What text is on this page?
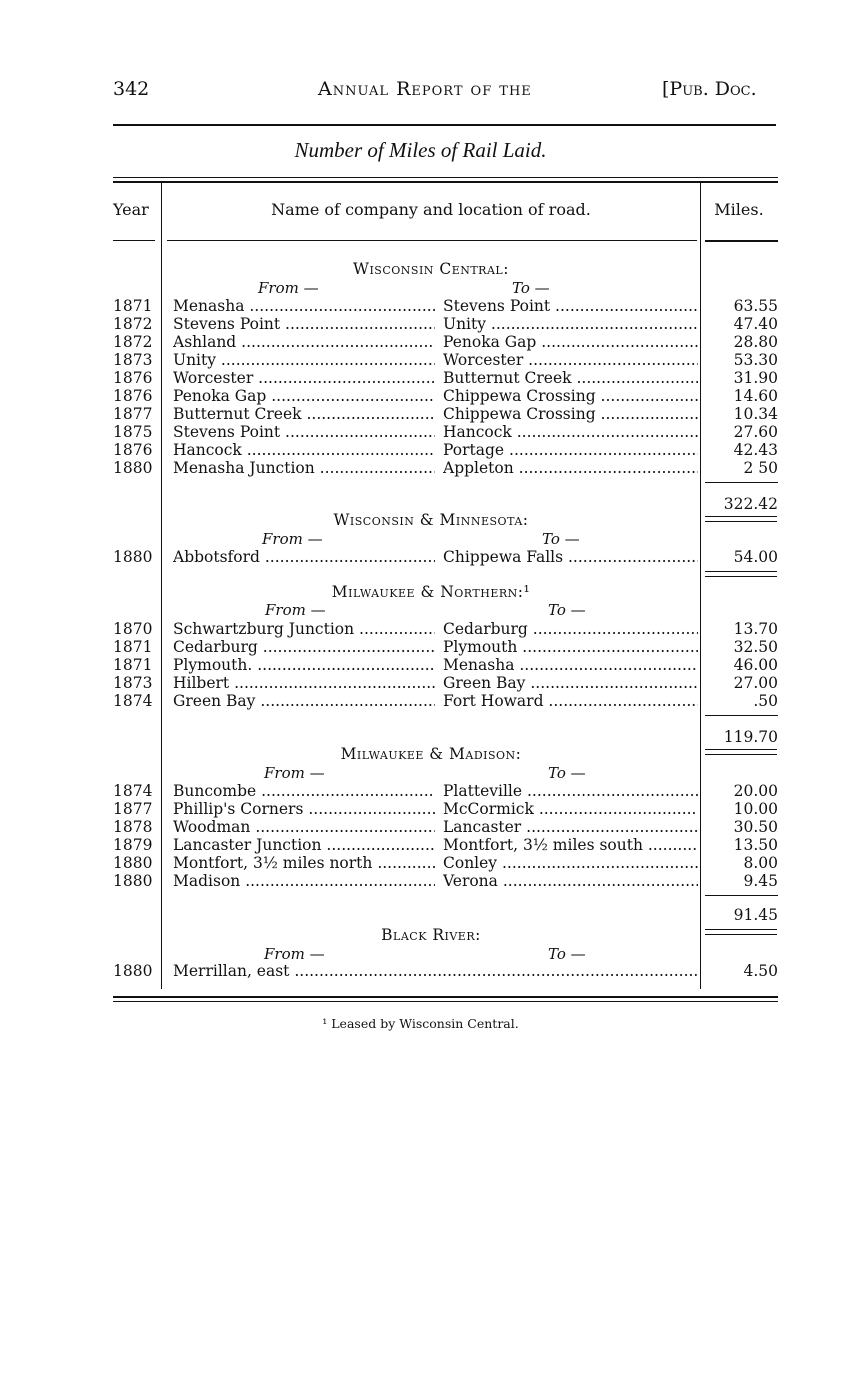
342	Annual Report of the	[Pub. Doc.
Number of Miles of Rail Laid.
Year	Name of company and location of road.	Miles.
Wisconsin Central:
From —	To —
1871 Menasha .....	Stevens Point .....	63.55
1872 Stevens Point .....	Unity .....	47.40
1872 Ashland .....	Penoka Gap .....	28.80
1873 Unity .....	Worcester .....	53.30
1876 Worcester .....	Butternut Creek .....	31.90
1876 Penoka Gap .....	Chippewa Crossing .....	14.60
1877 Butternut Creek .....	Chippewa Crossing .....	10.34
1875 Stevens Point .....	Hancock .....	27.60
1876 Hancock .....	Portage .....	42.43
1880 Menasha Junction .....	Appleton .....	2 50
322.42
Wisconsin & Minnesota:
From —	To —
1880 Abbotsford .....	Chippewa Falls .....	54.00
Milwaukee & Northern:¹
From —	To —
1870 Schwartzburg Junction .....	Cedarburg .....	13.70
1871 Cedarburg .....	Plymouth .....	32.50
1871 Plymouth. .....	Menasha .....	46.00
1873 Hilbert .....	Green Bay .....	27.00
1874 Green Bay .....	Fort Howard .....	.50
119.70
Milwaukee & Madison:
From —	To —
1874 Buncombe .....	Platteville .....	20.00
1877 Phillip's Corners .....	McCormick .....	10.00
1878 Woodman .....	Lancaster .....	30.50
1879 Lancaster Junction .....	Montfort, 3½ miles south .....	13.50
1880 Montfort, 3½ miles north .....	Conley .....	8.00
1880 Madison .....	Verona .....	9.45
91.45
Black River:
From —	To —
1880 Merrillan, east .....	4.50
¹ Leased by Wisconsin Central.
